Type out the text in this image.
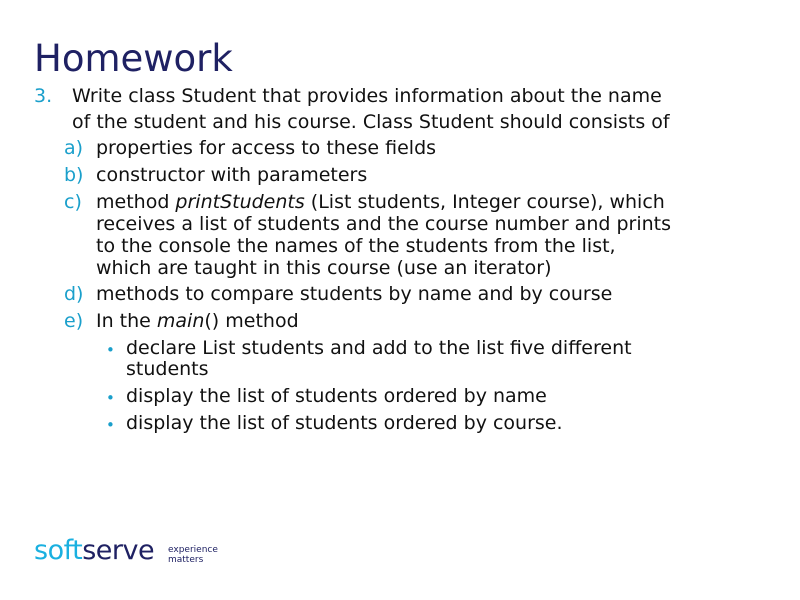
Homework
3. Write class Student that provides information about the name
of the student and his course. Class Student should consists of
a) properties for access to these fields
b) constructor with parameters
c) method printStudents (List students, Integer course), which
receives a list of students and the course number and prints
to the console the names of the students from the list,
which are taught in this course (use an iterator)
d) methods to compare students by name and by course
e) In the main() method
• declare List students and add to the list five different
students
• display the list of students ordered by name
• display the list of students ordered by course.
softserve experience
matters
